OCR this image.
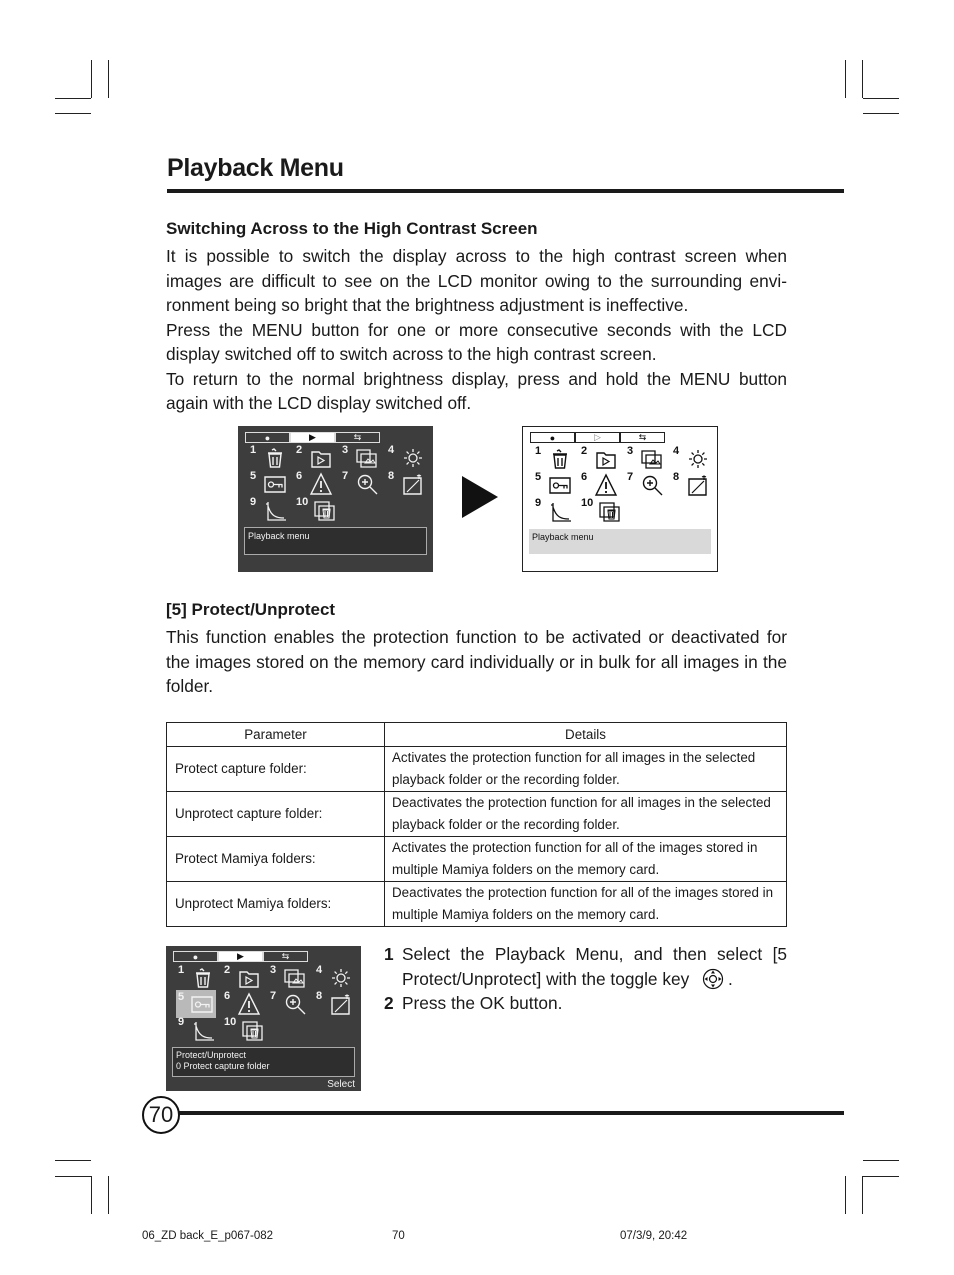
Playback Menu
Switching Across to the High Contrast Screen

It is possible to switch the display across to the high contrast screen when images are difficult to see on the LCD monitor owing to the surrounding envi-ronment being so bright that the brightness adjustment is ineffective.

Press the MENU button for one or more consecutive seconds with the LCD display switched off to switch across to the high contrast screen.

To return to the normal brightness display, press and hold the MENU button again with the LCD display switched off.

●	▶	⇆
1	2	3	4
5	6	7	8
9	10
Playback menu
●	▷	⇆
1	2	3	4
5	6	7	8
9	10
Playback menu
[5] Protect/Unprotect

This function enables the protection function to be activated or deactivated for the images stored on the memory card individually or in bulk for all images in the folder.

Parameter	Details
Protect capture folder:	Activates the protection function for all images in the selected playback folder or the recording folder.
Unprotect capture folder:	Deactivates the protection function for all images in the selected playback folder or the recording folder.
Protect Mamiya folders:	Activates the protection function for all of the images stored in multiple Mamiya folders on the memory card.
Unprotect Mamiya folders:	Deactivates the protection function for all of the images stored in multiple Mamiya folders on the memory card.
●	▶	⇆
1	2	3	4
5	6	7	8
9	10
Protect/Unprotect
0 Protect capture folder
Select
1 Select the Playback Menu, and then select [5 Protect/Unprotect] with the toggle key .
2 Press the OK button.
70
06_ZD back_E_p067-082	70	07/3/9, 20:42
